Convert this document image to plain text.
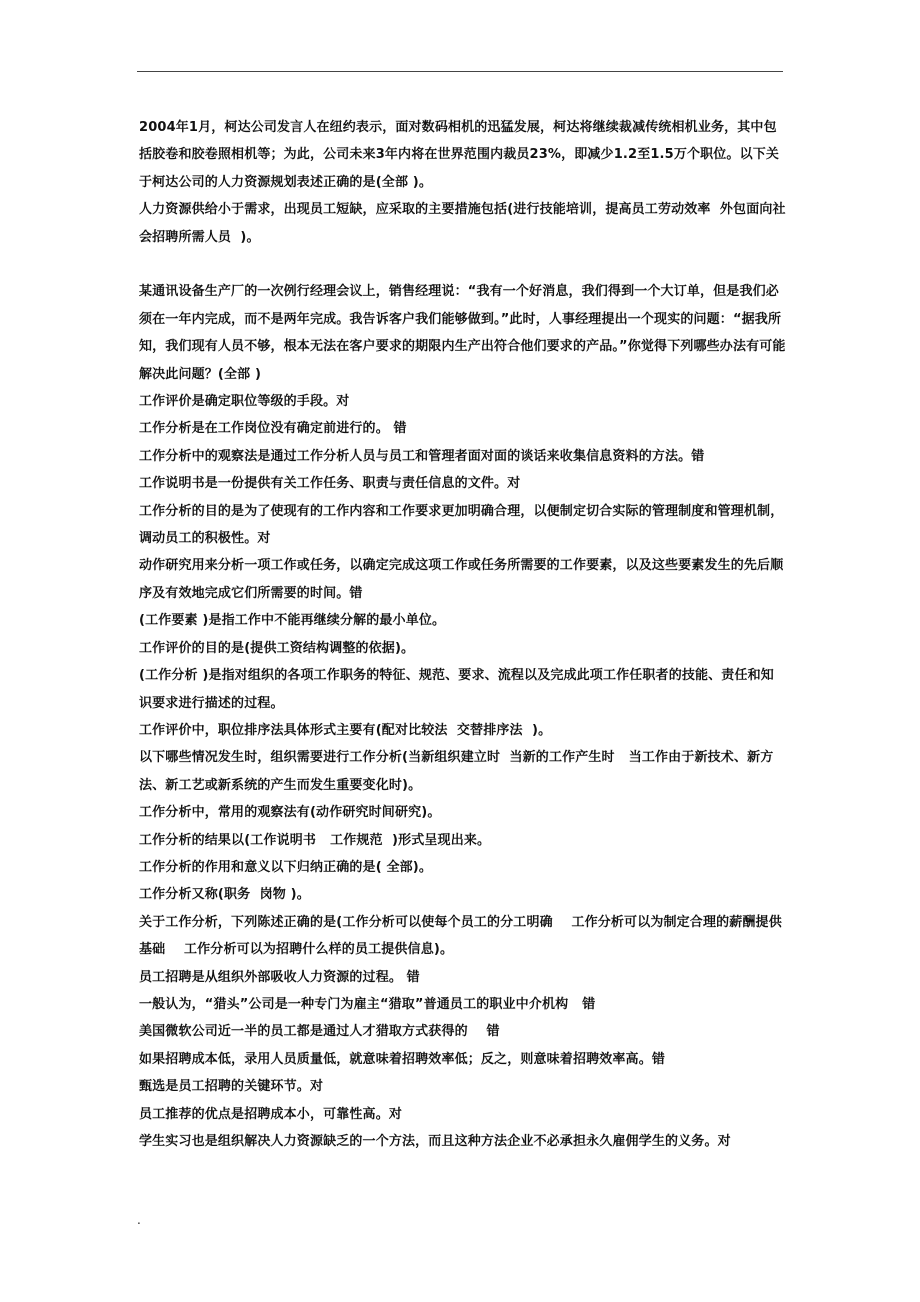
2004年1月，柯达公司发言人在纽约表示，面对数码相机的迅猛发展，柯达将继续裁减传统相机业务，其中包括胶卷和胶卷照相机等；为此，公司未来3年内将在世界范围内裁员23%，即减少1.2至1.5万个职位。以下关于柯达公司的人力资源规划表述正确的是(全部 )。

人力资源供给小于需求，出现员工短缺，应采取的主要措施包括(进行技能培训，提高员工劳动效率  外包面向社会招聘所需人员  )。

某通讯设备生产厂的一次例行经理会议上，销售经理说：“我有一个好消息，我们得到一个大订单，但是我们必须在一年内完成，而不是两年完成。我告诉客户我们能够做到。”此时，人事经理提出一个现实的问题：“据我所知，我们现有人员不够，根本无法在客户要求的期限内生产出符合他们要求的产品。”你觉得下列哪些办法有可能解决此问题？(全部 )

工作评价是确定职位等级的手段。对

工作分析是在工作岗位没有确定前进行的。 错

工作分析中的观察法是通过工作分析人员与员工和管理者面对面的谈话来收集信息资料的方法。错

工作说明书是一份提供有关工作任务、职责与责任信息的文件。对

工作分析的目的是为了使现有的工作内容和工作要求更加明确合理，以便制定切合实际的管理制度和管理机制，调动员工的积极性。对

动作研究用来分析一项工作或任务，以确定完成这项工作或任务所需要的工作要素，以及这些要素发生的先后顺序及有效地完成它们所需要的时间。错

(工作要素 )是指工作中不能再继续分解的最小单位。

工作评价的目的是(提供工资结构调整的依据)。

(工作分析 )是指对组织的各项工作职务的特征、规范、要求、流程以及完成此项工作任职者的技能、责任和知识要求进行描述的过程。

工作评价中，职位排序法具体形式主要有(配对比较法  交替排序法  )。

以下哪些情况发生时，组织需要进行工作分析(当新组织建立时  当新的工作产生时   当工作由于新技术、新方法、新工艺或新系统的产生而发生重要变化时)。

工作分析中，常用的观察法有(动作研究时间研究)。

工作分析的结果以(工作说明书   工作规范  )形式呈现出来。

工作分析的作用和意义以下归纳正确的是( 全部)。

工作分析又称(职务  岗物 )。

关于工作分析，下列陈述正确的是(工作分析可以使每个员工的分工明确    工作分析可以为制定合理的薪酬提供基础    工作分析可以为招聘什么样的员工提供信息)。

员工招聘是从组织外部吸收人力资源的过程。 错

一般认为，“猎头”公司是一种专门为雇主“猎取”普通员工的职业中介机构   错

美国微软公司近一半的员工都是通过人才猎取方式获得的    错

如果招聘成本低，录用人员质量低，就意味着招聘效率低；反之，则意味着招聘效率高。错

甄选是员工招聘的关键环节。对

员工推荐的优点是招聘成本小，可靠性高。对

学生实习也是组织解决人力资源缺乏的一个方法，而且这种方法企业不必承担永久雇佣学生的义务。对

.
